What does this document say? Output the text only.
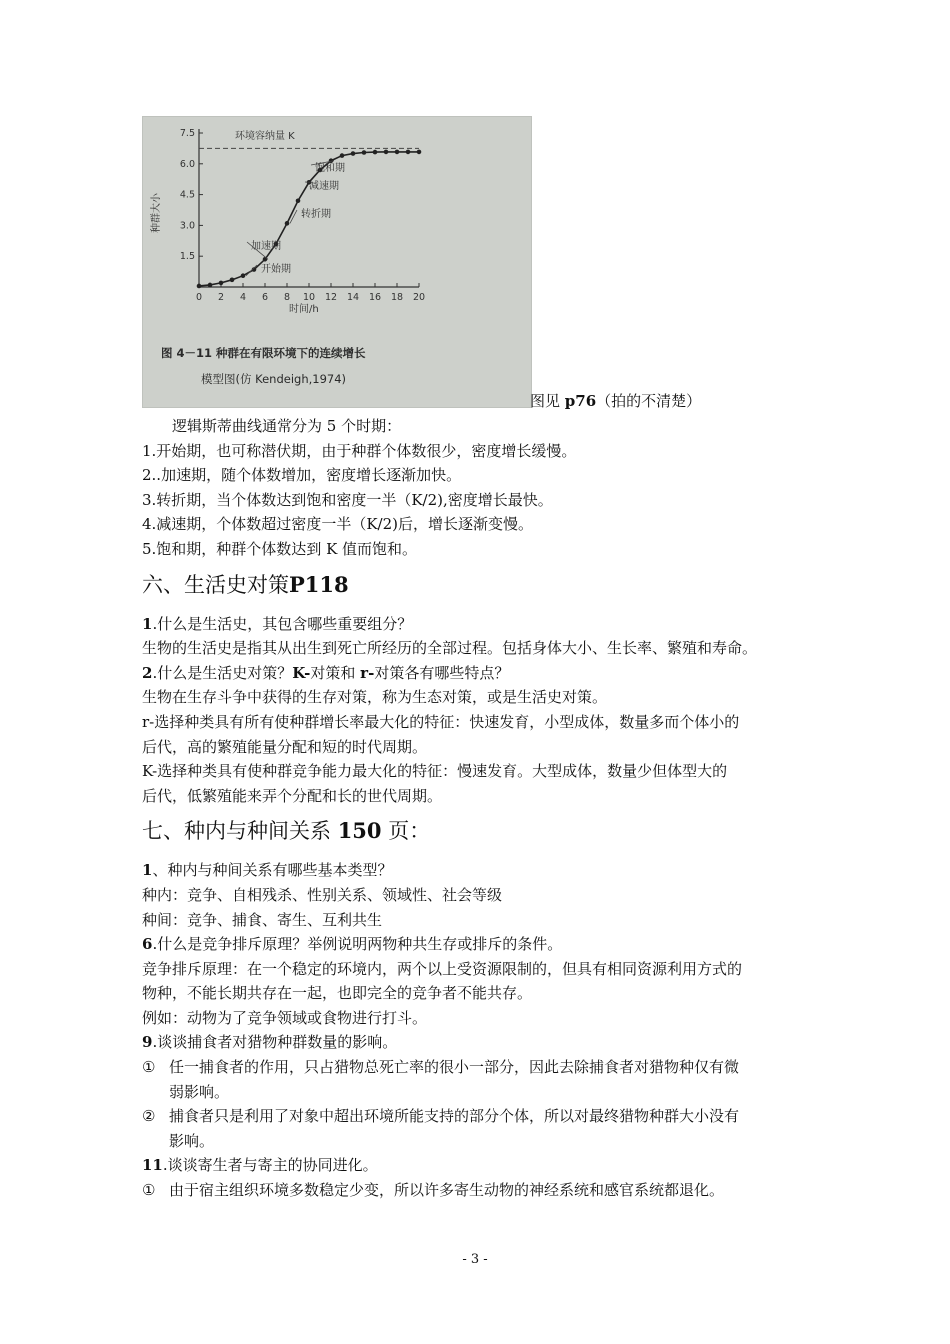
0 2 4 6 8 10 12 14 16 18 20
1.5
3.0
4.5
6.0
7.5	环境容纳量 K
种群大小
时间/h
饱和期
减速期
转折期
加速期
开始期
图 4－11 种群在有限环境下的连续增长
模型图(仿 Kendeigh,1974)
图见 p76（拍的不清楚）
逻辑斯蒂曲线通常分为 5 个时期：
1.开始期，也可称潜伏期，由于种群个体数很少，密度增长缓慢。
2..加速期，随个体数增加，密度增长逐渐加快。
3.转折期，当个体数达到饱和密度一半（K/2),密度增长最快。
4.减速期，个体数超过密度一半（K/2)后，增长逐渐变慢。
5.饱和期，种群个体数达到 K 值而饱和。
六、生活史对策P118
1.什么是生活史，其包含哪些重要组分？
生物的生活史是指其从出生到死亡所经历的全部过程。包括身体大小、生长率、繁殖和寿命。
2.什么是生活史对策？K-对策和 r-对策各有哪些特点？
生物在生存斗争中获得的生存对策，称为生态对策，或是生活史对策。
r-选择种类具有所有使种群增长率最大化的特征：快速发育，小型成体，数量多而个体小的
后代，高的繁殖能量分配和短的时代周期。
K-选择种类具有使种群竞争能力最大化的特征：慢速发育。大型成体，数量少但体型大的
后代，低繁殖能来弄个分配和长的世代周期。
七、种内与种间关系 150 页：
1、种内与种间关系有哪些基本类型？
种内：竞争、自相残杀、性别关系、领域性、社会等级
种间：竞争、捕食、寄生、互利共生
6.什么是竞争排斥原理？举例说明两物种共生存或排斥的条件。
竞争排斥原理：在一个稳定的环境内，两个以上受资源限制的，但具有相同资源利用方式的
物种，不能长期共存在一起，也即完全的竞争者不能共存。
例如：动物为了竞争领域或食物进行打斗。
9.谈谈捕食者对猎物种群数量的影响。
① 任一捕食者的作用，只占猎物总死亡率的很小一部分，因此去除捕食者对猎物种仅有微
弱影响。
② 捕食者只是利用了对象中超出环境所能支持的部分个体，所以对最终猎物种群大小没有
影响。
11.谈谈寄生者与寄主的协同进化。
① 由于宿主组织环境多数稳定少变，所以许多寄生动物的神经系统和感官系统都退化。
- 3 -
